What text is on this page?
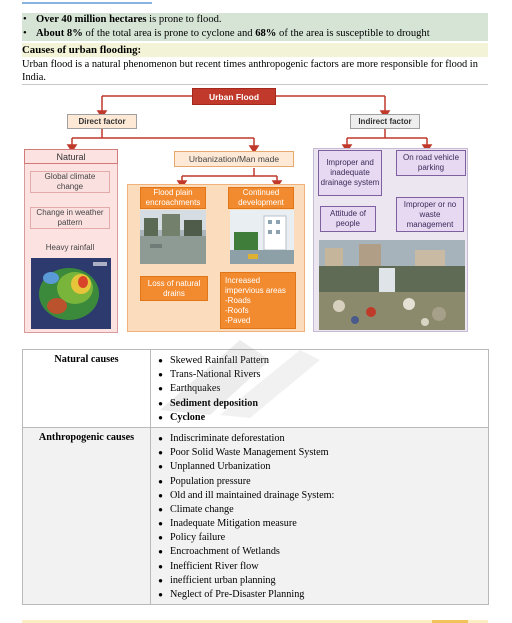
• Over 40 million hectares is prone to flood.
• About 8% of the total area is prone to cyclone and 68% of the area is susceptible to drought
Causes of urban flooding:
Urban flood is a natural phenomenon but recent times anthropogenic factors are more responsible for flood in India.
Urban Flood
Direct factor	Indirect factor
Natural
Global climate change
Change in weather pattern
Heavy rainfall
Urbanization/Man made
Flood plain encroachments
Continued development
Loss of natural drains
Increased impervious areas
-Roads
-Roofs
-Paved
Improper and inadequate drainage system
On road vehicle parking
Attitude of people
Improper or no waste management
Natural causes	● Skewed Rainfall Pattern
● Trans-National Rivers
● Earthquakes
● Sediment deposition
● Cyclone
Anthropogenic causes	● Indiscriminate deforestation
● Poor Solid Waste Management System
● Unplanned Urbanization
● Population pressure
● Old and ill maintained drainage System:
● Climate change
● Inadequate Mitigation measure
● Policy failure
● Encroachment of Wetlands
● Inefficient River flow
● inefficient urban planning
● Neglect of Pre-Disaster Planning
